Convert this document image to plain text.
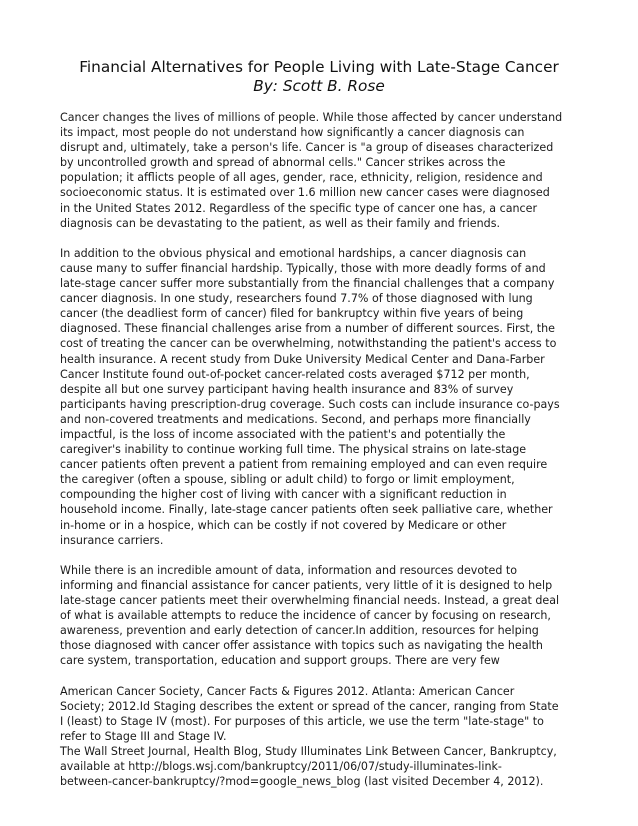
Financial Alternatives for People Living with Late-Stage Cancer
By: Scott B. Rose
Cancer changes the lives of millions of people. While those affected by cancer understand
its impact, most people do not understand how significantly a cancer diagnosis can
disrupt and, ultimately, take a person's life. Cancer is "a group of diseases characterized
by uncontrolled growth and spread of abnormal cells." Cancer strikes across the
population; it afflicts people of all ages, gender, race, ethnicity, religion, residence and
socioeconomic status. It is estimated over 1.6 million new cancer cases were diagnosed
in the United States 2012. Regardless of the specific type of cancer one has, a cancer
diagnosis can be devastating to the patient, as well as their family and friends.
In addition to the obvious physical and emotional hardships, a cancer diagnosis can
cause many to suffer financial hardship. Typically, those with more deadly forms of and
late-stage cancer suffer more substantially from the financial challenges that a company
cancer diagnosis. In one study, researchers found 7.7% of those diagnosed with lung
cancer (the deadliest form of cancer) filed for bankruptcy within five years of being
diagnosed. These financial challenges arise from a number of different sources. First, the
cost of treating the cancer can be overwhelming, notwithstanding the patient's access to
health insurance. A recent study from Duke University Medical Center and Dana-Farber
Cancer Institute found out-of-pocket cancer-related costs averaged $712 per month,
despite all but one survey participant having health insurance and 83% of survey
participants having prescription-drug coverage. Such costs can include insurance co-pays
and non-covered treatments and medications. Second, and perhaps more financially
impactful, is the loss of income associated with the patient's and potentially the
caregiver's inability to continue working full time. The physical strains on late-stage
cancer patients often prevent a patient from remaining employed and can even require
the caregiver (often a spouse, sibling or adult child) to forgo or limit employment,
compounding the higher cost of living with cancer with a significant reduction in
household income. Finally, late-stage cancer patients often seek palliative care, whether
in-home or in a hospice, which can be costly if not covered by Medicare or other
insurance carriers.
While there is an incredible amount of data, information and resources devoted to
informing and financial assistance for cancer patients, very little of it is designed to help
late-stage cancer patients meet their overwhelming financial needs. Instead, a great deal
of what is available attempts to reduce the incidence of cancer by focusing on research,
awareness, prevention and early detection of cancer.In addition, resources for helping
those diagnosed with cancer offer assistance with topics such as navigating the health
care system, transportation, education and support groups. There are very few
American Cancer Society, Cancer Facts & Figures 2012. Atlanta: American Cancer
Society; 2012.Id Staging describes the extent or spread of the cancer, ranging from State
I (least) to Stage IV (most). For purposes of this article, we use the term "late-stage" to
refer to Stage III and Stage IV.
The Wall Street Journal, Health Blog, Study Illuminates Link Between Cancer, Bankruptcy,
available at http://blogs.wsj.com/bankruptcy/2011/06/07/study-illuminates-link-
between-cancer-bankruptcy/?mod=google_news_blog (last visited December 4, 2012).
